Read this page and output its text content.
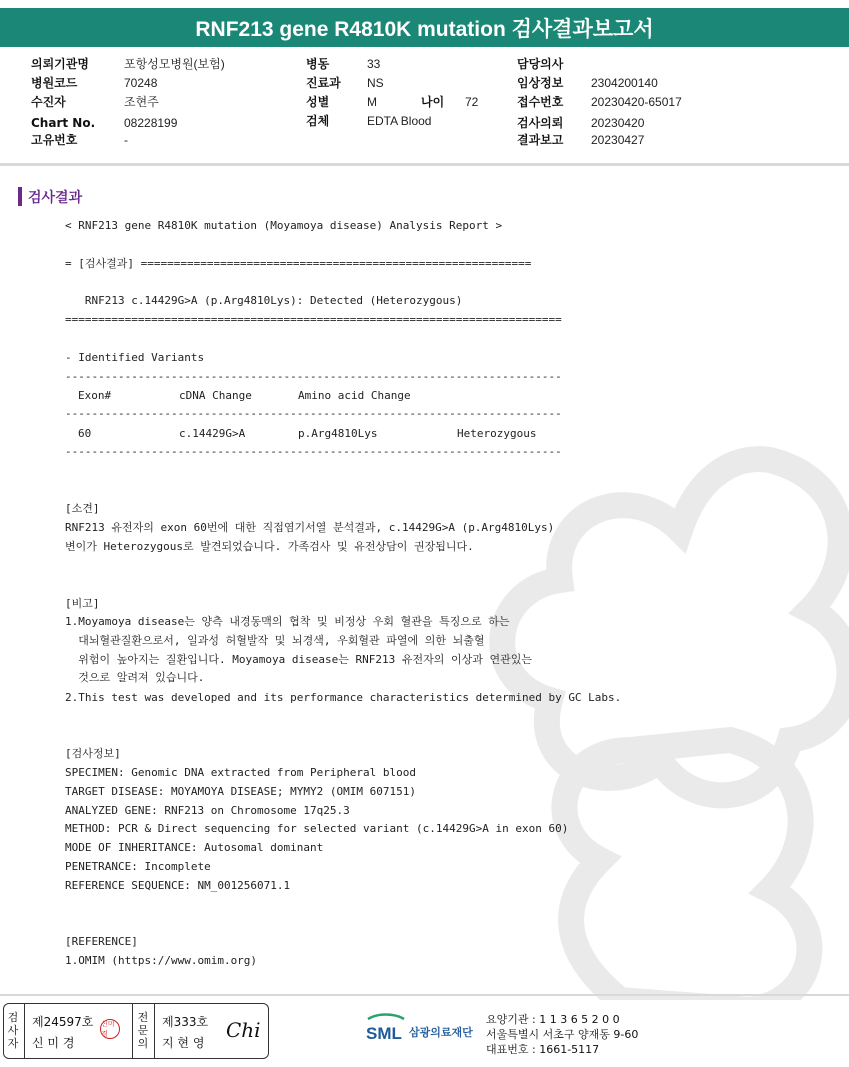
RNF213 gene R4810K mutation 검사결과보고서
의뢰기관명	포항성모병원(보험)
병원코드	70248
수진자	조현주
Chart No. 08228199
고유번호	-
병동	33
진료과 NS
성별	M	나이 72
검체	EDTA Blood
담당의사
임상정보 2304200140
접수번호 20230420-65017
검사의뢰 20230420
결과보고 20230427
검사결과
< RNF213 gene R4810K mutation (Moyamoya disease) Analysis Report >
= [검사결과] ===========================================================
RNF213 c.14429G>A (p.Arg4810Lys): Detected (Heterozygous)
===========================================================================
- Identified Variants
---------------------------------------------------------------------------
Exon#	cDNA Change	Amino acid Change
---------------------------------------------------------------------------
60	c.14429G>A	p.Arg4810Lys	Heterozygous
---------------------------------------------------------------------------
[소견]
RNF213 유전자의 exon 60번에 대한 직접염기서열 분석결과, c.14429G>A (p.Arg4810Lys)
변이가 Heterozygous로 발견되었습니다. 가족검사 및 유전상담이 권장됩니다.
[비고]
1.Moyamoya disease는 양측 내경동맥의 협착 및 비정상 우회 혈관을 특징으로 하는
대뇌혈관질환으로서, 일과성 허혈발작 및 뇌경색, 우회혈관 파열에 의한 뇌출혈
위험이 높아지는 질환입니다. Moyamoya disease는 RNF213 유전자의 이상과 연관있는
것으로 알려져 있습니다.
2.This test was developed and its performance characteristics determined by GC Labs.
[검사정보]
SPECIMEN: Genomic DNA extracted from Peripheral blood
TARGET DISEASE: MOYAMOYA DISEASE; MYMY2 (OMIM 607151)
ANALYZED GENE: RNF213 on Chromosome 17q25.3
METHOD: PCR & Direct sequencing for selected variant (c.14429G>A in exon 60)
MODE OF INHERITANCE: Autosomal dominant
PENETRANCE: Incomplete
REFERENCE SEQUENCE: NM_001256071.1
[REFERENCE]
1.OMIM (https://www.omim.org)
검
사
자
제24597호
신 미 경
신미경
전
문
의
제333호
지 현 영
Chi	SML 삼광의료재단
요양기관 : 1 1 3 6 5 2 0 0
서울특별시 서초구 양재동 9-60
대표번호 : 1661-5117
